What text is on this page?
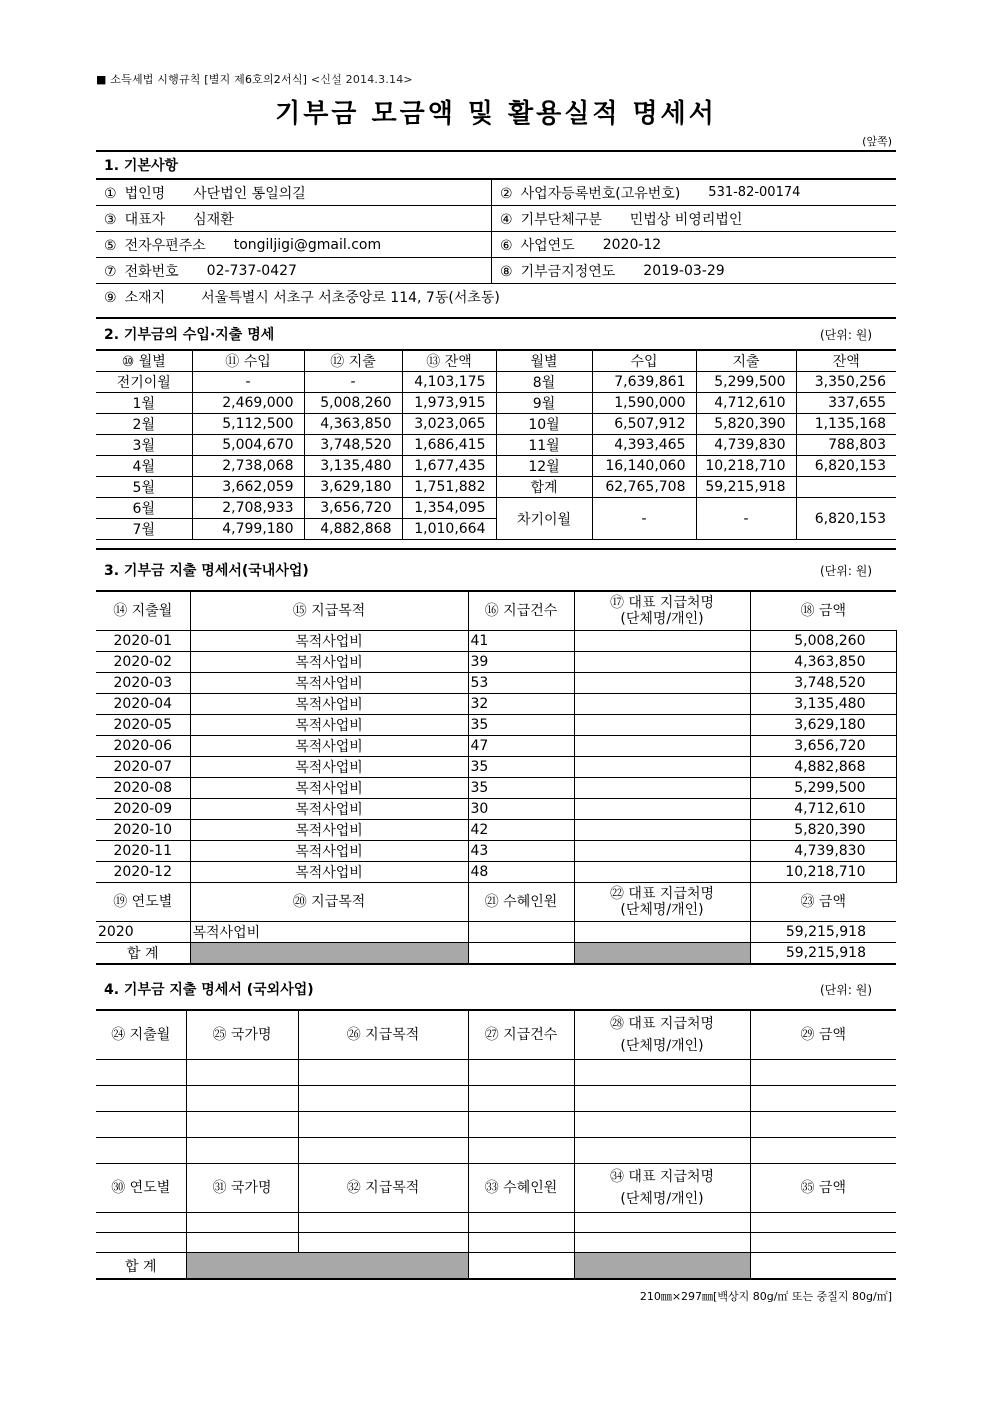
■ 소득세법 시행규칙 [별지 제6호의2서식] <신설 2014.3.14>
기부금 모금액 및 활용실적 명세서
(앞쪽)
1. 기본사항
① 법인명 사단법인 통일의길	② 사업자등록번호(고유번호) 531-82-00174
③ 대표자 심재환	④ 기부단체구분 민법상 비영리법인
⑤ 전자우편주소 tongiljigi@gmail.com	⑥ 사업연도 2020-12
⑦ 전화번호 02-737-0427	⑧ 기부금지정연도 2019-03-29
⑨ 소재지	서울특별시 서초구 서초중앙로 114, 7동(서초동)
2. 기부금의 수입·지출 명세	(단위: 원)
⑩ 월별	⑪ 수입	⑫ 지출	⑬ 잔액	월별	수입	지출	잔액
전기이월	-	-	4,103,175	8월	7,639,861	5,299,500	3,350,256
1월	2,469,000	5,008,260	1,973,915	9월	1,590,000	4,712,610	337,655
2월	5,112,500	4,363,850	3,023,065	10월	6,507,912	5,820,390	1,135,168
3월	5,004,670	3,748,520	1,686,415	11월	4,393,465	4,739,830	788,803
4월	2,738,068	3,135,480	1,677,435	12월	16,140,060	10,218,710	6,820,153
5월	3,662,059	3,629,180	1,751,882	합계	62,765,708	59,215,918	
6월	2,708,933	3,656,720	1,354,095	차기이월	-	-	6,820,153
7월	4,799,180	4,882,868	1,010,664				
3. 기부금 지출 명세서(국내사업)	(단위: 원)
⑭ 지출월	⑮ 지급목적	⑯ 지급건수	⑰ 대표 지급처명
(단체명/개인)	⑱ 금액
2020-01	목적사업비	41		5,008,260
2020-02	목적사업비	39		4,363,850
2020-03	목적사업비	53		3,748,520
2020-04	목적사업비	32		3,135,480
2020-05	목적사업비	35		3,629,180
2020-06	목적사업비	47		3,656,720
2020-07	목적사업비	35		4,882,868
2020-08	목적사업비	35		5,299,500
2020-09	목적사업비	30		4,712,610
2020-10	목적사업비	42		5,820,390
2020-11	목적사업비	43		4,739,830
2020-12	목적사업비	48		10,218,710
⑲ 연도별	⑳ 지급목적	㉑ 수혜인원	㉒ 대표 지급처명
(단체명/개인)	㉓ 금액
2020	목적사업비			59,215,918
합 계				59,215,918
4. 기부금 지출 명세서 (국외사업)	(단위: 원)
㉔ 지출월	㉕ 국가명	㉖ 지급목적	㉗ 지급건수	㉘ 대표 지급처명
(단체명/개인)	㉙ 금액

㉚ 연도별	㉛ 국가명	㉜ 지급목적	㉝ 수혜인원	㉞ 대표 지급처명
(단체명/개인)	㉟ 금액

합 계					
210㎜×297㎜[백상지 80g/㎡ 또는 중질지 80g/㎡]
